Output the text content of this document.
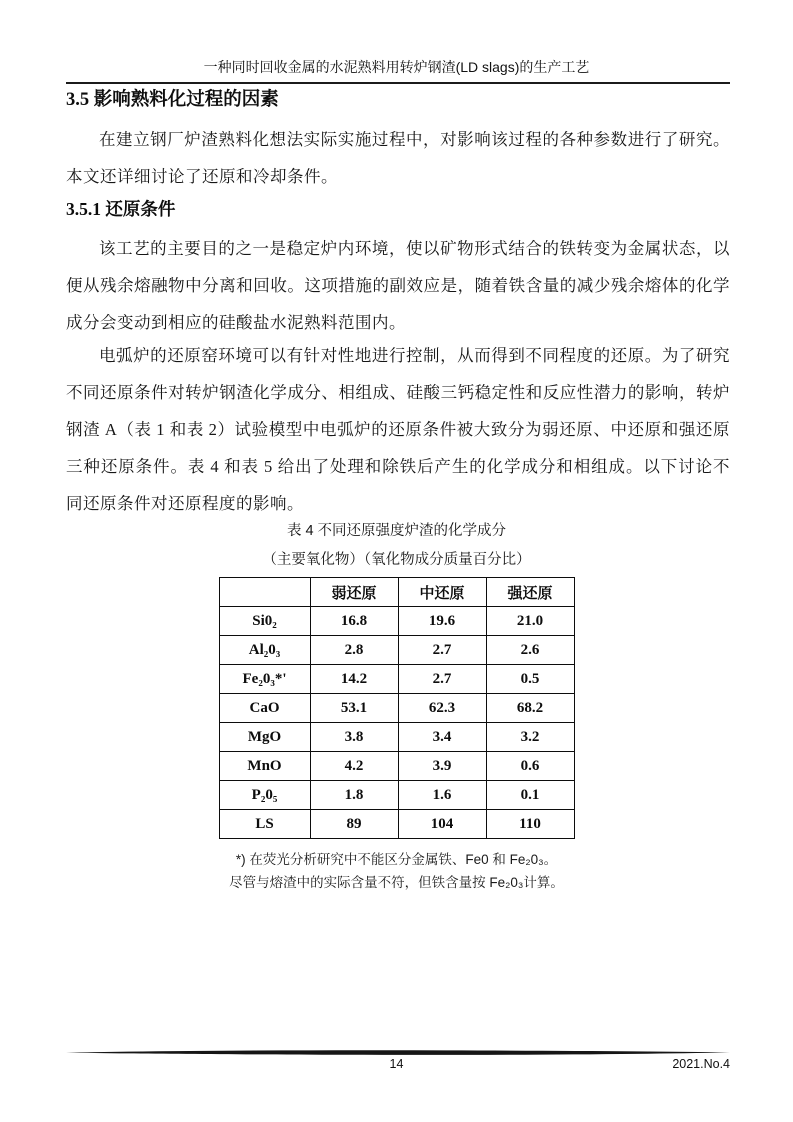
一种同时回收金属的水泥熟料用转炉钢渣(LD slags)的生产工艺
3.5 影响熟料化过程的因素

在建立钢厂炉渣熟料化想法实际实施过程中，对影响该过程的各种参数进行了研究。本文还详细讨论了还原和冷却条件。

3.5.1 还原条件

该工艺的主要目的之一是稳定炉内环境，使以矿物形式结合的铁转变为金属状态，以便从残余熔融物中分离和回收。这项措施的副效应是，随着铁含量的减少残余熔体的化学成分会变动到相应的硅酸盐水泥熟料范围内。

电弧炉的还原窑环境可以有针对性地进行控制，从而得到不同程度的还原。为了研究不同还原条件对转炉钢渣化学成分、相组成、硅酸三钙稳定性和反应性潜力的影响，转炉钢渣 A（表 1 和表 2）试验模型中电弧炉的还原条件被大致分为弱还原、中还原和强还原三种还原条件。表 4 和表 5 给出了处理和除铁后产生的化学成分和相组成。以下讨论不同还原条件对还原程度的影响。

表 4 不同还原强度炉渣的化学成分
（主要氧化物）（氧化物成分质量百分比）
	弱还原	中还原	强还原
Si0₂	16.8	19.6	21.0
Al₂0₃	2.8	2.7	2.6
Fe₂0₃*'	14.2	2.7	0.5
CaO	53.1	62.3	68.2
MgO	3.8	3.4	3.2
MnO	4.2	3.9	0.6
P₂0₅	1.8	1.6	0.1
LS	89	104	110
*) 在荧光分析研究中不能区分金属铁、Fe0 和 Fe₂0₃。
尽管与熔渣中的实际含量不符，但铁含量按 Fe₂0₃计算。
14	2021.No.4
